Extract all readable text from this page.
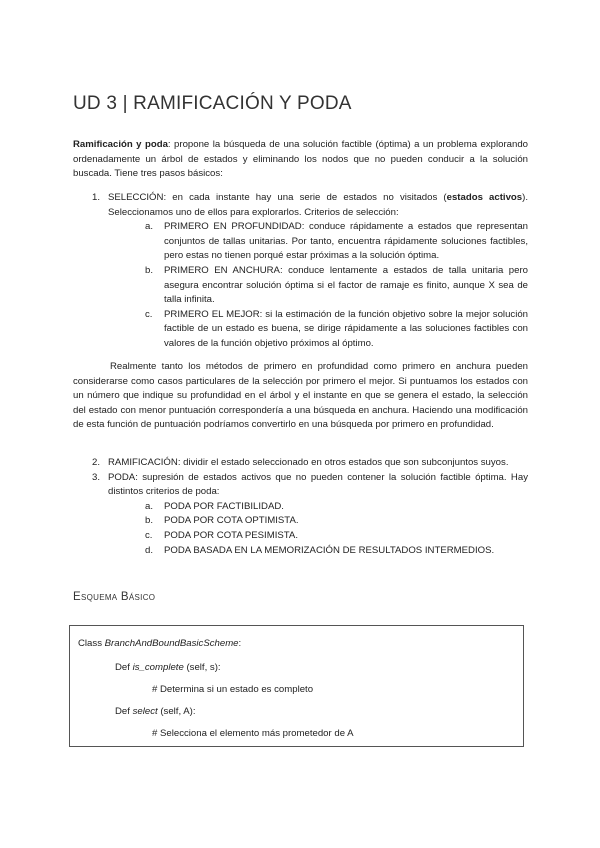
UD 3 | RAMIFICACIÓN Y PODA
Ramificación y poda: propone la búsqueda de una solución factible (óptima) a un problema explorando ordenadamente un árbol de estados y eliminando los nodos que no pueden conducir a la solución buscada. Tiene tres pasos básicos:
1. SELECCIÓN: en cada instante hay una serie de estados no visitados (estados activos). Seleccionamos uno de ellos para explorarlos. Criterios de selección:
a. PRIMERO EN PROFUNDIDAD: conduce rápidamente a estados que representan conjuntos de tallas unitarias. Por tanto, encuentra rápidamente soluciones factibles, pero estas no tienen porqué estar próximas a la solución óptima.
b. PRIMERO EN ANCHURA: conduce lentamente a estados de talla unitaria pero asegura encontrar solución óptima si el factor de ramaje es finito, aunque X sea de talla infinita.
c. PRIMERO EL MEJOR: si la estimación de la función objetivo sobre la mejor solución factible de un estado es buena, se dirige rápidamente a las soluciones factibles con valores de la función objetivo próximos al óptimo.
Realmente tanto los métodos de primero en profundidad como primero en anchura pueden considerarse como casos particulares de la selección por primero el mejor. Si puntuamos los estados con un número que indique su profundidad en el árbol y el instante en que se genera el estado, la selección del estado con menor puntuación correspondería a una búsqueda en anchura. Haciendo una modificación de esta función de puntuación podríamos convertirlo en una búsqueda por primero en profundidad.
2. RAMIFICACIÓN: dividir el estado seleccionado en otros estados que son subconjuntos suyos.
3. PODA: supresión de estados activos que no pueden contener la solución factible óptima. Hay distintos criterios de poda:
a. PODA POR FACTIBILIDAD.
b. PODA POR COTA OPTIMISTA.
c. PODA POR COTA PESIMISTA.
d. PODA BASADA EN LA MEMORIZACIÓN DE RESULTADOS INTERMEDIOS.
Esquema Básico
Class BranchAndBoundBasicScheme:
Def is_complete (self, s):
# Determina si un estado es completo
Def select (self, A):
# Selecciona el elemento más prometedor de A
